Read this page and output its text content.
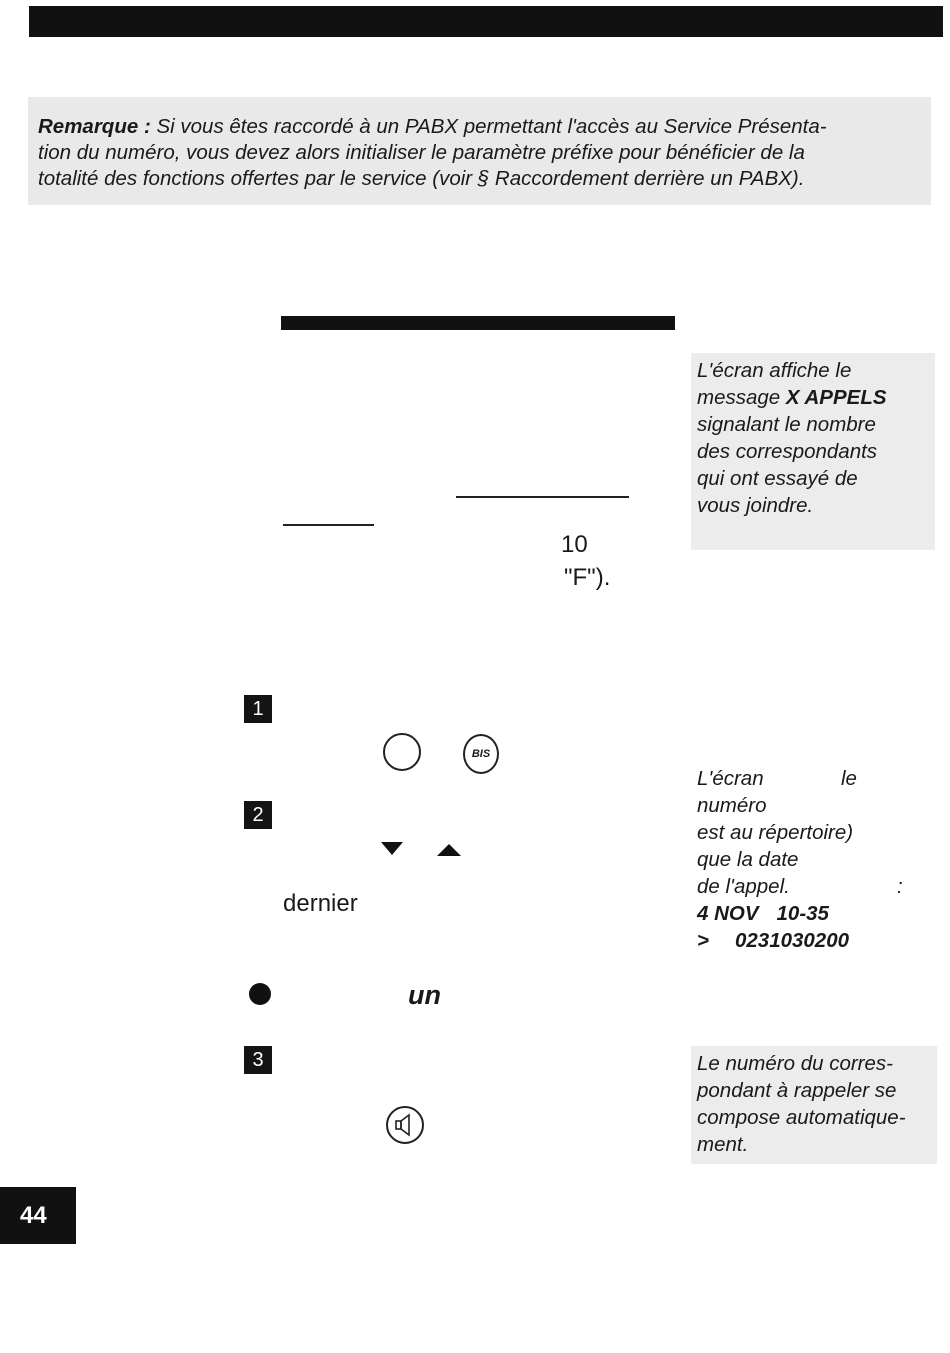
Remarque : Si vous êtes raccordé à un PABX permettant l'accès au Service Présenta-
tion du numéro, vous devez alors initialiser le paramètre préfixe pour bénéficier de la
totalité des fonctions offertes par le service (voir § Raccordement derrière un PABX).
L'écran affiche le
message X APPELS
signalant le nombre
des correspondants
qui ont essayé de
vous joindre.
10
"F").
1
BIS
2
dernier
un
L'écran	le
numéro
est au répertoire)
que la date
de l'appel.	:
4 NOV 10-35
> 0231030200
3	Le numéro du corres-
pondant à rappeler se
compose automatique-
ment.
44
